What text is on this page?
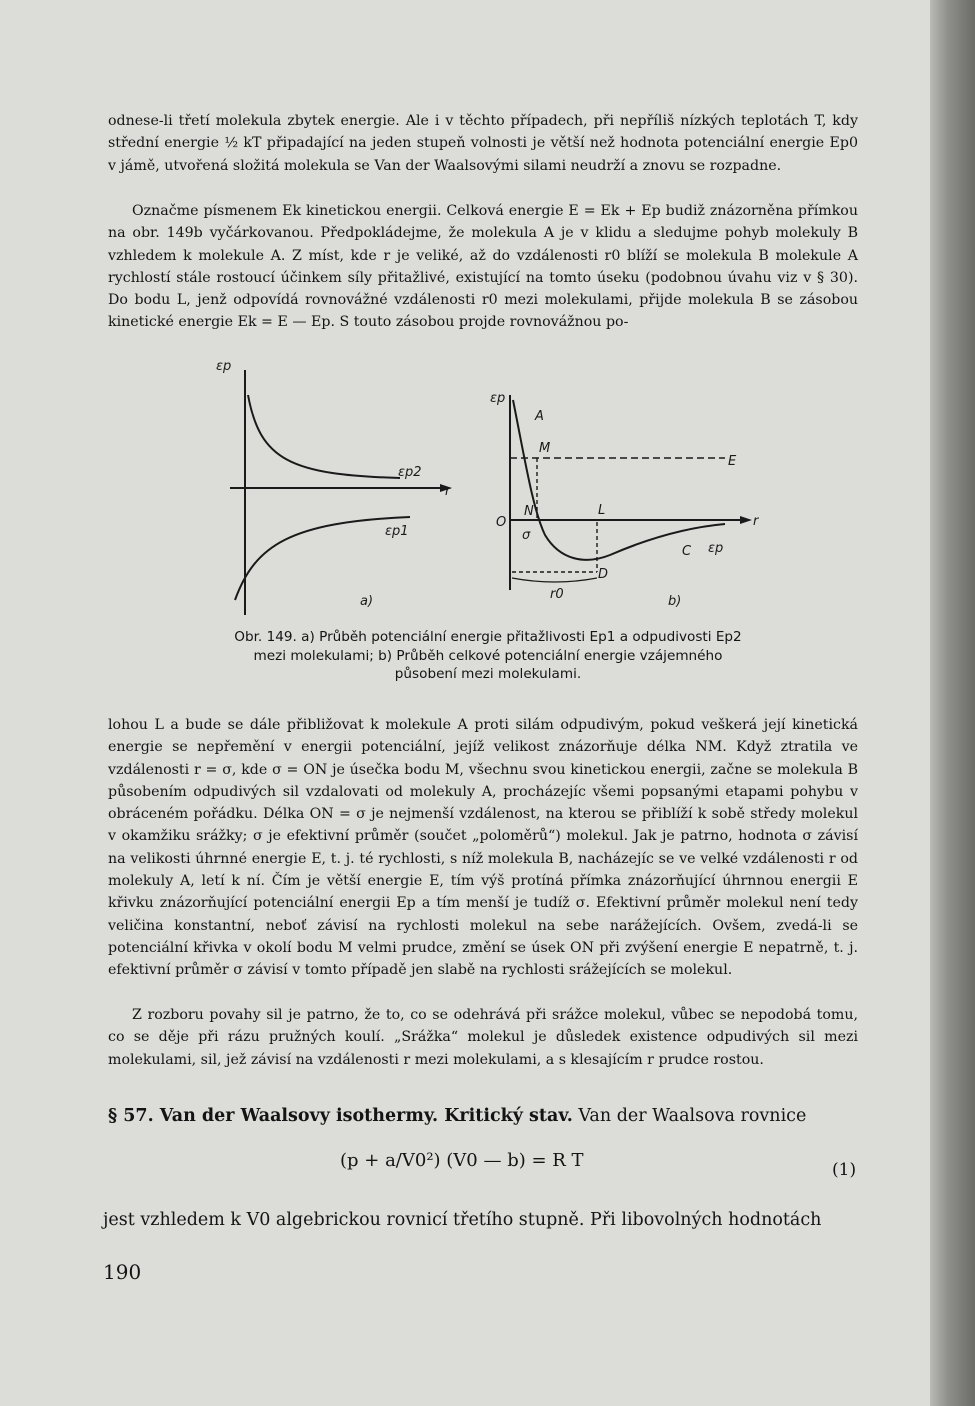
odnese-li třetí molekula zbytek energie. Ale i v těchto případech, při nepříliš nízkých teplotách T, kdy střední energie ½ kT připadající na jeden stupeň volnosti je větší než hodnota potenciální energie Ep0 v jámě, utvořená složitá molekula se Van der Waalsovými silami neudrží a znovu se rozpadne.

Označme písmenem Ek kinetickou energii. Celková energie E = Ek + Ep budiž znázorněna přímkou na obr. 149b vyčárkovanou. Předpokládejme, že molekula A je v klidu a sledujme pohyb molekuly B vzhledem k molekule A. Z míst, kde r je veliké, až do vzdálenosti r0 blíží se molekula B molekule A rychlostí stále rostoucí účinkem síly přitažlivé, existující na tomto úseku (podobnou úvahu viz v § 30). Do bodu L, jenž odpovídá rovnovážné vzdálenosti r0 mezi molekulami, přijde molekula B se zásobou kinetické energie Ek = E — Ep. S touto zásobou projde rovnovážnou po-

εp
r
εp2
εp1
a)
εp
A
M
E
O
N	L
r
σ
C εp
D
r0	b)
Obr. 149. a) Průběh potenciální energie přitažlivosti Ep1 a odpudivosti Ep2 mezi molekulami; b) Průběh celkové potenciální energie vzájemného působení mezi molekulami.

lohou L a bude se dále přibližovat k molekule A proti silám odpudivým, pokud veškerá její kinetická energie se nepřemění v energii potenciální, jejíž velikost znázorňuje délka NM. Když ztratila ve vzdálenosti r = σ, kde σ = ON je úsečka bodu M, všechnu svou kinetickou energii, začne se molekula B působením odpudivých sil vzdalovati od molekuly A, procházejíc všemi popsanými etapami pohybu v obráceném pořádku. Délka ON = σ je nejmenší vzdálenost, na kterou se přiblíží k sobě středy molekul v okamžiku srážky; σ je efektivní průměr (součet „poloměrů“) molekul. Jak je patrno, hodnota σ závisí na velikosti úhrnné energie E, t. j. té rychlosti, s níž molekula B, nacházejíc se ve velké vzdálenosti r od molekuly A, letí k ní. Čím je větší energie E, tím výš protíná přímka znázorňující úhrnnou energii E křivku znázorňující potenciální energii Ep a tím menší je tudíž σ. Efektivní průměr molekul není tedy veličina konstantní, neboť závisí na rychlosti molekul na sebe narážejících. Ovšem, zvedá-li se potenciální křivka v okolí bodu M velmi prudce, změní se úsek ON při zvýšení energie E nepatrně, t. j. efektivní průměr σ závisí v tomto případě jen slabě na rychlosti srážejících se molekul.

Z rozboru povahy sil je patrno, že to, co se odehrává při srážce molekul, vůbec se nepodobá tomu, co se děje při rázu pružných koulí. „Srážka“ molekul je důsledek existence odpudivých sil mezi molekulami, sil, jež závisí na vzdálenosti r mezi molekulami, a s klesajícím r prudce rostou.

§ 57. Van der Waalsovy isothermy. Kritický stav. Van der Waalsova rovnice
(p + a/V0²) (V0 — b) = R T	(1)
jest vzhledem k V0 algebrickou rovnicí třetího stupně. Při libovolných hodnotách
190
